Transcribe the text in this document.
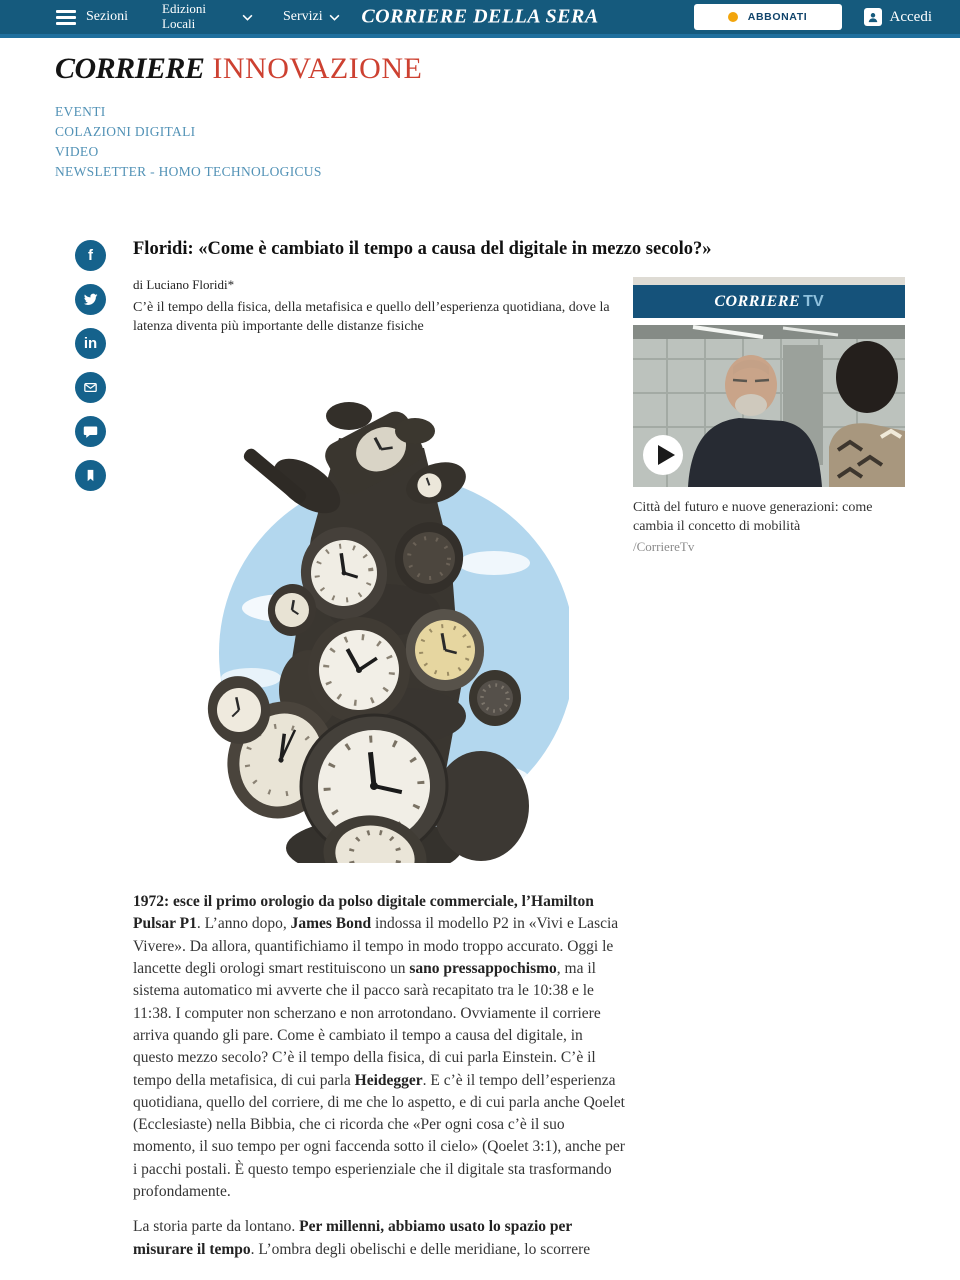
Sezioni
Edizioni Locali	Servizi CORRIERE DELLA SERA	ABBONATI	Accedi
CORRIERE INNOVAZIONE
EVENTI
COLAZIONI DIGITALI
VIDEO
NEWSLETTER - HOMO TECHNOLOGICUS
f
in
Floridi: «Come è cambiato il tempo a causa del digitale in mezzo secolo?»
di Luciano Floridi*
C’è il tempo della fisica, della metafisica e quello dell’esperienza quotidiana, dove la latenza diventa più importante delle distanze fisiche

1972: esce il primo orologio da polso digitale commerciale, l’Hamilton Pulsar P1. L’anno dopo, James Bond indossa il modello P2 in «Vivi e Lascia Vivere». Da allora, quantifichiamo il tempo in modo troppo accurato. Oggi le lancette degli orologi smart restituiscono un sano pressappochismo, ma il sistema automatico mi avverte che il pacco sarà recapitato tra le 10:38 e le 11:38. I computer non scherzano e non arrotondano. Ovviamente il corriere arriva quando gli pare. Come è cambiato il tempo a causa del digitale, in questo mezzo secolo? C’è il tempo della fisica, di cui parla Einstein. C’è il tempo della metafisica, di cui parla Heidegger. E c’è il tempo dell’esperienza quotidiana, quello del corriere, di me che lo aspetto, e di cui parla anche Qoelet (Ecclesiaste) nella Bibbia, che ci ricorda che «Per ogni cosa c’è il suo momento, il suo tempo per ogni faccenda sotto il cielo» (Qoelet 3:1), anche per i pacchi postali. È questo tempo esperienziale che il digitale sta trasformando profondamente.

La storia parte da lontano. Per millenni, abbiamo usato lo spazio per misurare il tempo. L’ombra degli obelischi e delle meridiane, lo scorrere

CORRIERE TV
Città del futuro e nuove generazioni: come cambia il concetto di mobilità
/CorriereTv
